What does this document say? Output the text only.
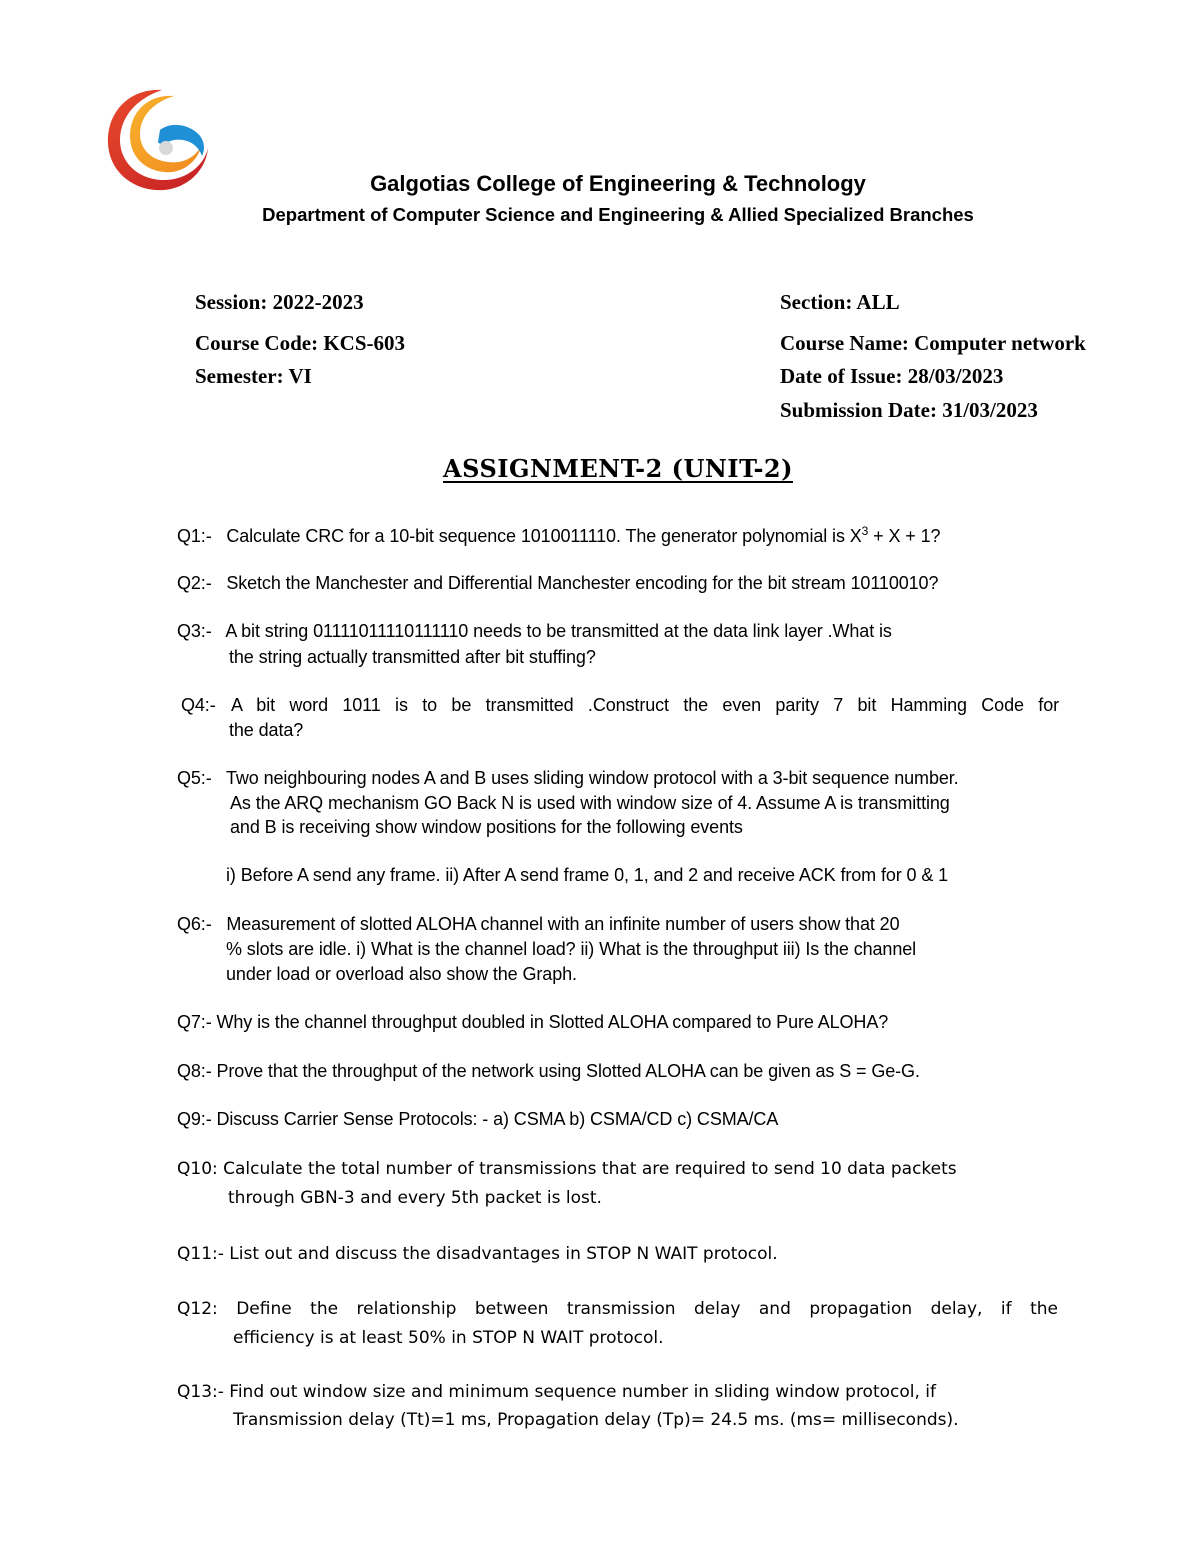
Galgotias College of Engineering & Technology
Department of Computer Science and Engineering & Allied Specialized Branches
Session: 2022-2023	Section: ALL
Course Code: KCS-603	Course Name: Computer network
Semester: VI	Date of Issue: 28/03/2023
Submission Date: 31/03/2023
ASSIGNMENT-2 (UNIT-2)
Q1:- Calculate CRC for a 10-bit sequence 1010011110. The generator polynomial is $X^3 + X + 1$?
Q2:- Sketch the Manchester and Differential Manchester encoding for the bit stream 10110010?
Q3:- A bit string 01111011110111110 needs to be transmitted at the data link layer .What is
the string actually transmitted after bit stuffing?
Q4:- A bit word 1011 is to be transmitted .Construct the even parity 7 bit Hamming Code for
the data?
Q5:- Two neighbouring nodes A and B uses sliding window protocol with a 3-bit sequence number.
As the ARQ mechanism GO Back N is used with window size of 4. Assume A is transmitting
and B is receiving show window positions for the following events
i) Before A send any frame. ii) After A send frame 0, 1, and 2 and receive ACK from for 0 & 1
Q6:- Measurement of slotted ALOHA channel with an infinite number of users show that 20
% slots are idle. i) What is the channel load? ii) What is the throughput iii) Is the channel
under load or overload also show the Graph.
Q7:- Why is the channel throughput doubled in Slotted ALOHA compared to Pure ALOHA?
Q8:- Prove that the throughput of the network using Slotted ALOHA can be given as S = Ge-G.
Q9:- Discuss Carrier Sense Protocols: - a) CSMA b) CSMA/CD c) CSMA/CA
Q10: Calculate the total number of transmissions that are required to send 10 data packets
through GBN-3 and every 5th packet is lost.
Q11:- List out and discuss the disadvantages in STOP N WAIT protocol.
Q12: Define the relationship between transmission delay and propagation delay, if the
efficiency is at least 50% in STOP N WAIT protocol.
Q13:- Find out window size and minimum sequence number in sliding window protocol, if
Transmission delay (Tt)=1 ms, Propagation delay (Tp)= 24.5 ms. (ms= milliseconds).
